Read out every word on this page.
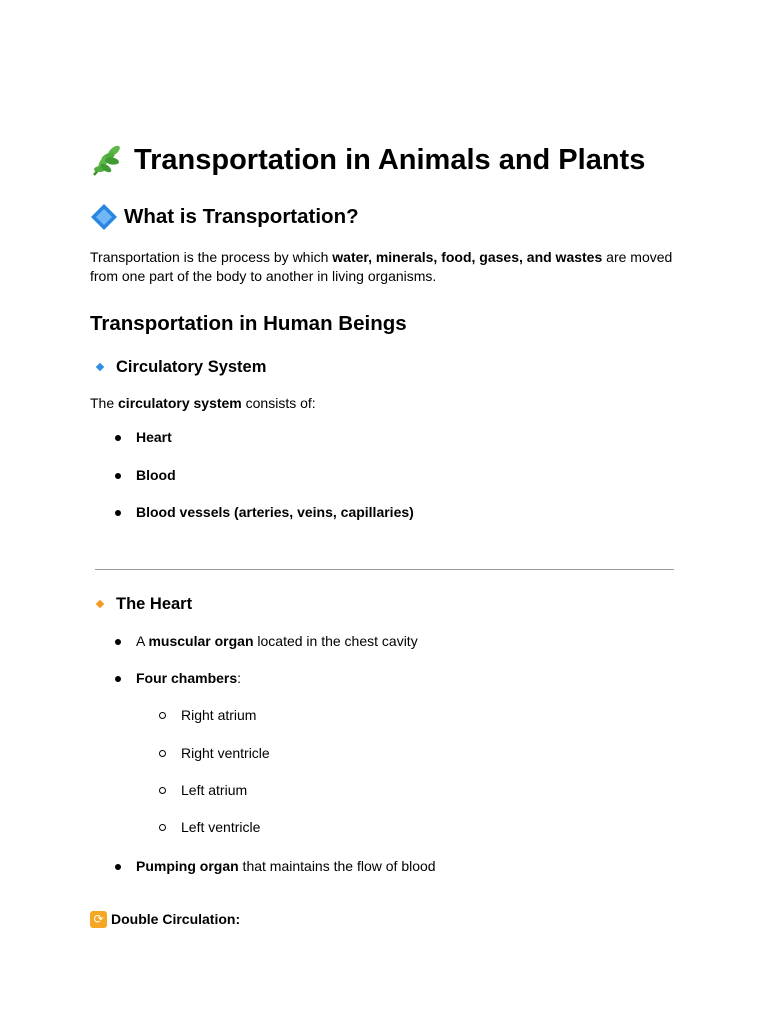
Transportation in Animals and Plants
What is Transportation?
Transportation is the process by which water, minerals, food, gases, and wastes are moved from one part of the body to another in living organisms.
Transportation in Human Beings
Circulatory System
The circulatory system consists of:
Heart
Blood
Blood vessels (arteries, veins, capillaries)
The Heart
A muscular organ located in the chest cavity
Four chambers:
Right atrium
Right ventricle
Left atrium
Left ventricle
Pumping organ that maintains the flow of blood
⟳ Double Circulation:
